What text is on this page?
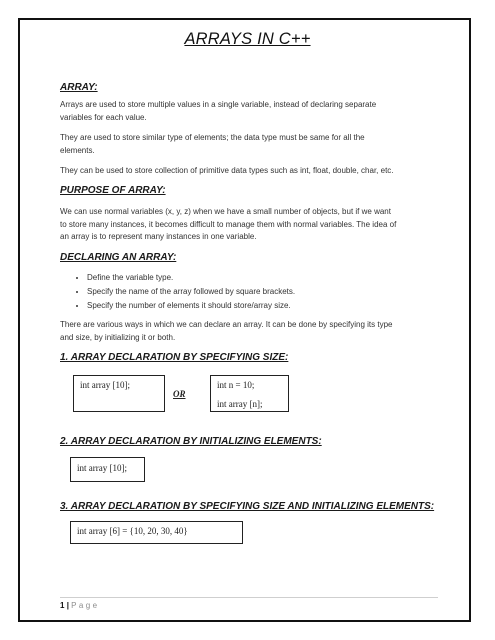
ARRAYS IN C++
ARRAY:
Arrays are used to store multiple values in a single variable, instead of declaring separate
variables for each value.
They are used to store similar type of elements; the data type must be same for all the
elements.
They can be used to store collection of primitive data types such as int, float, double, char, etc.
PURPOSE OF ARRAY:
We can use normal variables (x, y, z) when we have a small number of objects, but if we want
to store many instances, it becomes difficult to manage them with normal variables. The idea of
an array is to represent many instances in one variable.
DECLARING AN ARRAY:
• Define the variable type.
• Specify the name of the array followed by square brackets.
• Specify the number of elements it should store/array size.
There are various ways in which we can declare an array. It can be done by specifying its type
and size, by initializing it or both.
1. ARRAY DECLARATION BY SPECIFYING SIZE:
int array [10];
OR
int n = 10;
int array [n];
2. ARRAY DECLARATION BY INITIALIZING ELEMENTS:
int array [10];
3. ARRAY DECLARATION BY SPECIFYING SIZE AND INITIALIZING ELEMENTS:
int array [6] = {10, 20, 30, 40}
1 | Page
